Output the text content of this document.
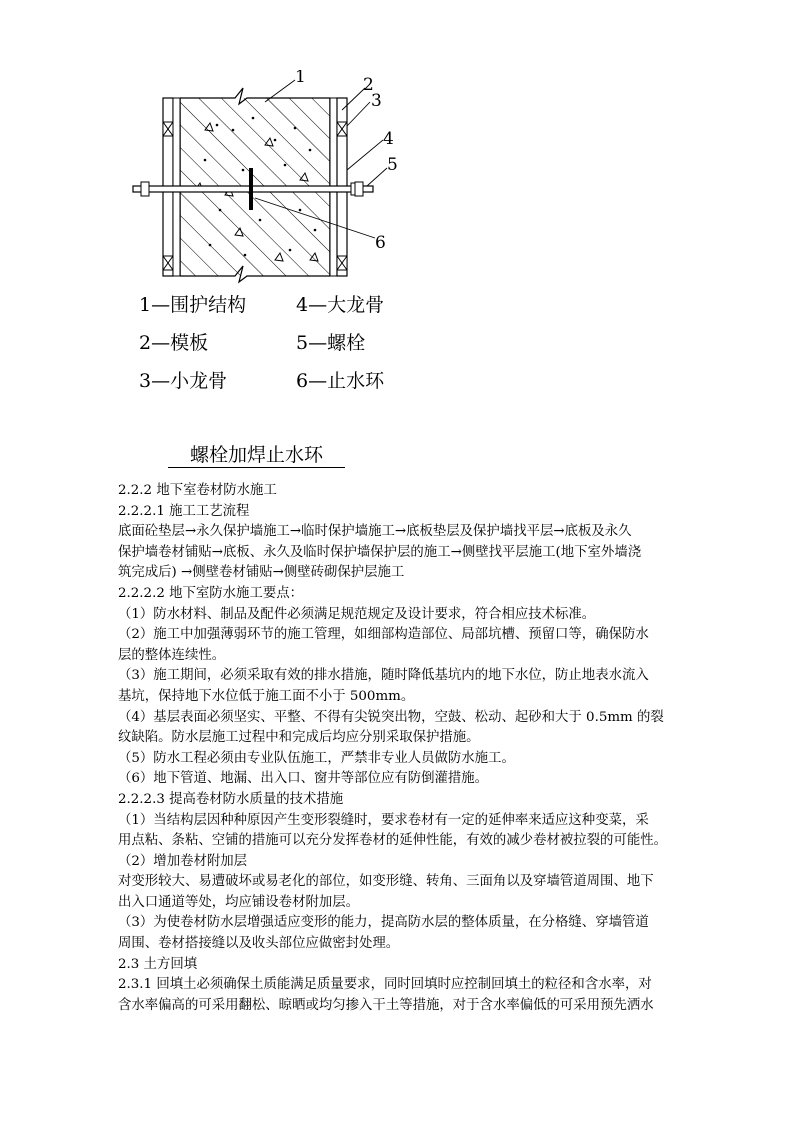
1	2
3
4
5
6
1—围护结构	4—大龙骨
2—模板	5—螺栓
3—小龙骨	6—止水环
螺栓加焊止水环

2.2.2 地下室卷材防水施工

2.2.2.1 施工工艺流程

底面砼垫层→永久保护墙施工→临时保护墙施工→底板垫层及保护墙找平层→底板及永久

保护墙卷材铺贴→底板、永久及临时保护墙保护层的施工→侧壁找平层施工(地下室外墙浇

筑完成后) →侧壁卷材铺贴→侧壁砖砌保护层施工

2.2.2.2 地下室防水施工要点：

（1）防水材料、制品及配件必须满足规范规定及设计要求，符合相应技术标准。

（2）施工中加强薄弱环节的施工管理，如细部构造部位、局部坑槽、预留口等，确保防水

层的整体连续性。

（3）施工期间，必须采取有效的排水措施，随时降低基坑内的地下水位，防止地表水流入

基坑，保持地下水位低于施工面不小于 500mm。

（4）基层表面必须坚实、平整、不得有尖锐突出物，空鼓、松动、起砂和大于 0.5mm 的裂

纹缺陷。防水层施工过程中和完成后均应分别采取保护措施。

（5）防水工程必须由专业队伍施工，严禁非专业人员做防水施工。

（6）地下管道、地漏、出入口、窗井等部位应有防倒灌措施。

2.2.2.3 提高卷材防水质量的技术措施

（1）当结构层因种种原因产生变形裂缝时，要求卷材有一定的延伸率来适应这种变菜，采

用点粘、条粘、空铺的措施可以充分发挥卷材的延伸性能，有效的减少卷材被拉裂的可能性。

（2）增加卷材附加层

对变形较大、易遭破坏或易老化的部位，如变形缝、转角、三面角以及穿墙管道周围、地下

出入口通道等处，均应铺设卷材附加层。

（3）为使卷材防水层增强适应变形的能力，提高防水层的整体质量，在分格缝、穿墙管道

周围、卷材搭接缝以及收头部位应做密封处理。

2.3 土方回填

2.3.1 回填土必须确保土质能满足质量要求，同时回填时应控制回填土的粒径和含水率，对

含水率偏高的可采用翻松、晾晒或均匀掺入干土等措施，对于含水率偏低的可采用预先洒水
